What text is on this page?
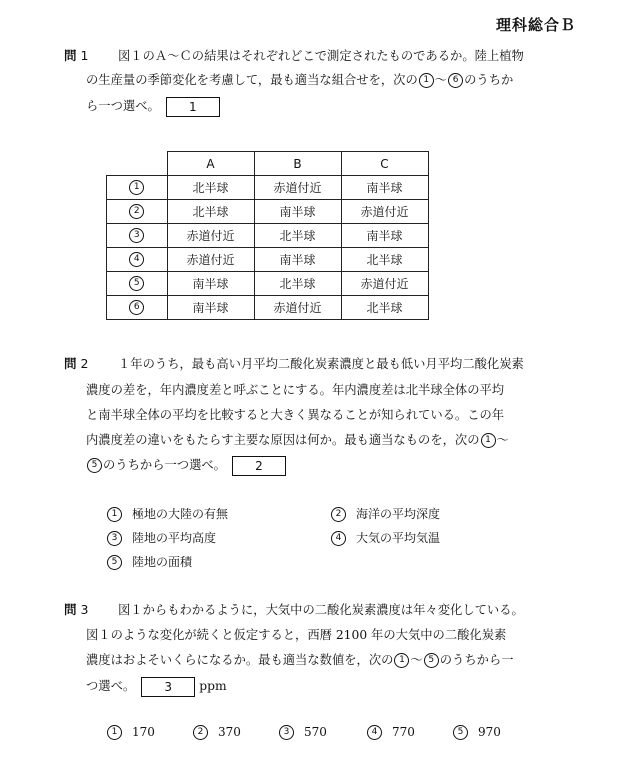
理科総合Ｂ
問 1 図１のＡ～Ｃの結果はそれぞれどこで測定されたものであるか。陸上植物
の生産量の季節変化を考慮して，最も適当な組合せを，次の 1 ～ 6 のうちか
ら一つ選べ。 1
	A	B	C
1	北半球	赤道付近	南半球
2	北半球	南半球	赤道付近
3	赤道付近	北半球	南半球
4	赤道付近	南半球	北半球
5	南半球	北半球	赤道付近
6	南半球	赤道付近	北半球
問 2 １年のうち，最も高い月平均二酸化炭素濃度と最も低い月平均二酸化炭素
濃度の差を，年内濃度差と呼ぶことにする。年内濃度差は北半球全体の平均
と南半球全体の平均を比較すると大きく異なることが知られている。この年
内濃度差の違いをもたらす主要な原因は何か。最も適当なものを，次の 1 ～
5 のうちから一つ選べ。 2
1 極地の大陸の有無	2 海洋の平均深度
3 陸地の平均高度	4 大気の平均気温
5 陸地の面積
問 3 図１からもわかるように，大気中の二酸化炭素濃度は年々変化している。
図１のような変化が続くと仮定すると，西暦 2100 年の大気中の二酸化炭素
濃度はおよそいくらになるか。最も適当な数値を，次の 1 ～ 5 のうちから一
つ選べ。 3 ppm
1 170	2 370	3 570	4 770	5 970
